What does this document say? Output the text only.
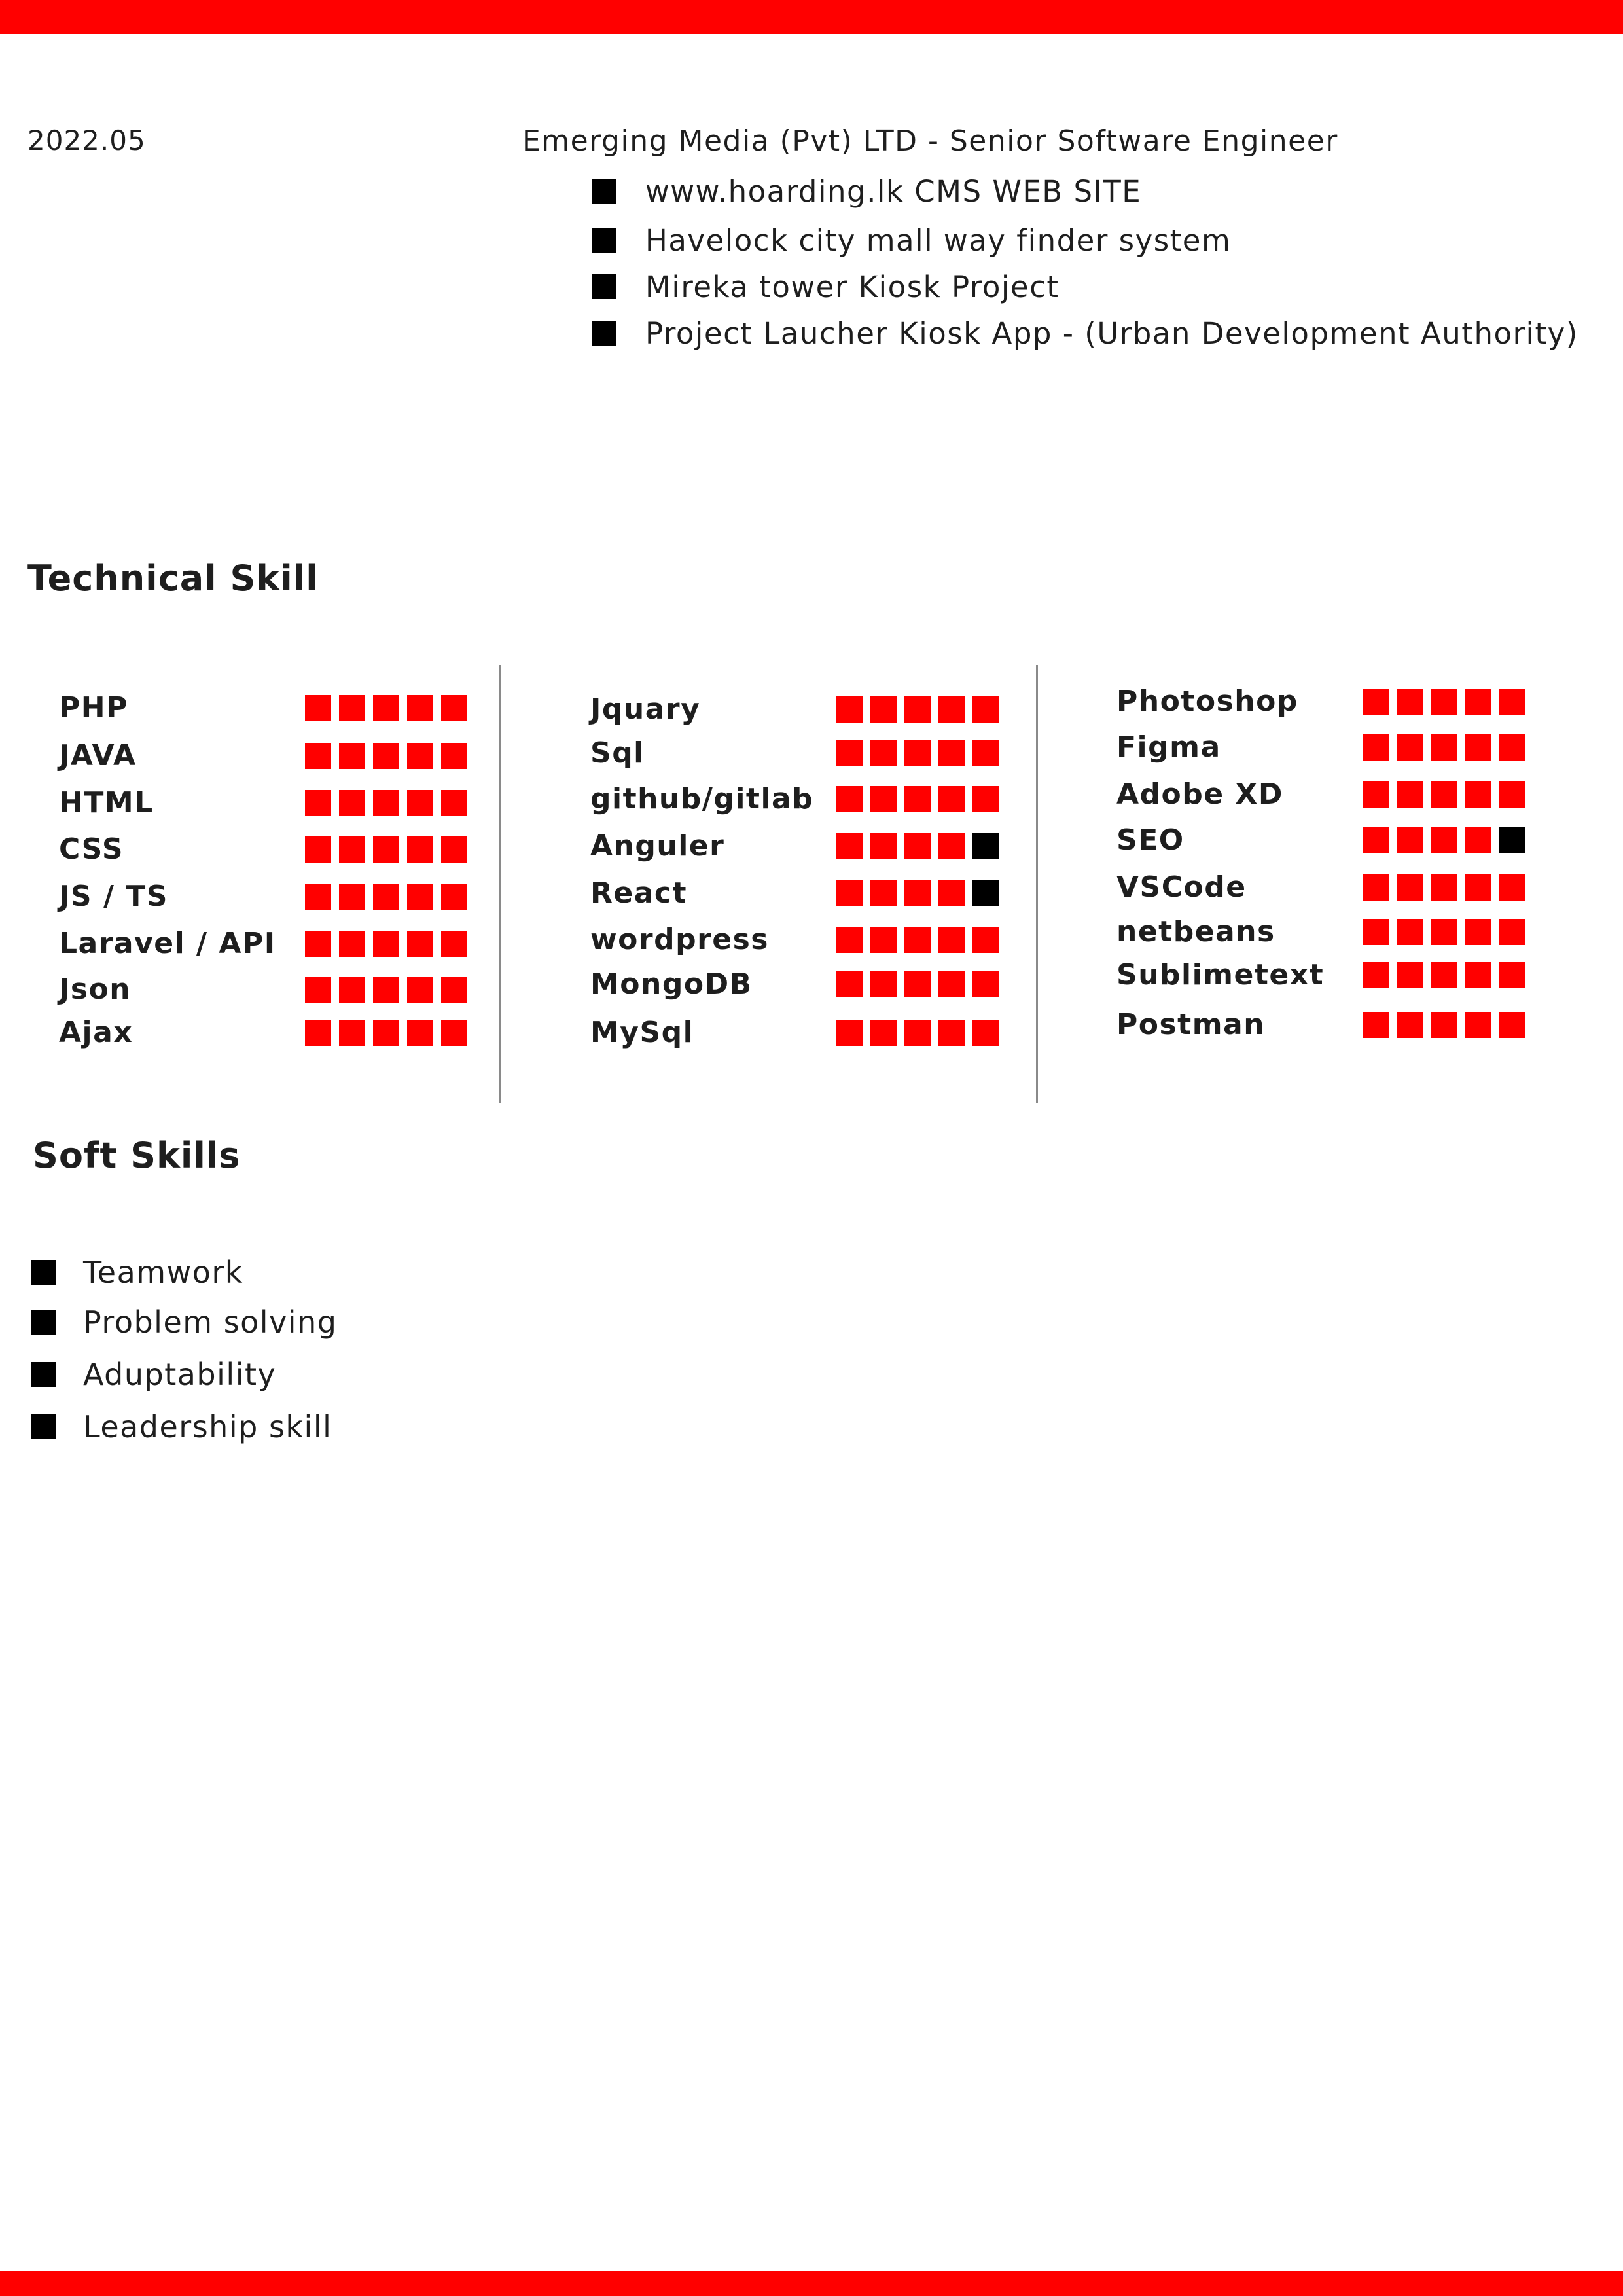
2022.05	Emerging Media (Pvt) LTD - Senior Software Engineer
www.hoarding.lk CMS WEB SITE
Havelock city mall way finder system
Mireka tower Kiosk Project
Project Laucher Kiosk App - (Urban Development Authority)
Technical Skill
PHP
JAVA
HTML
CSS
JS / TS
Laravel / API
Json
Ajax
Jquary
Sql
github/gitlab
Anguler
React
wordpress
MongoDB
MySql
Photoshop
Figma
Adobe XD
SEO
VSCode
netbeans
Sublimetext
Postman
Soft Skills
Teamwork
Problem solving
Aduptability
Leadership skill
